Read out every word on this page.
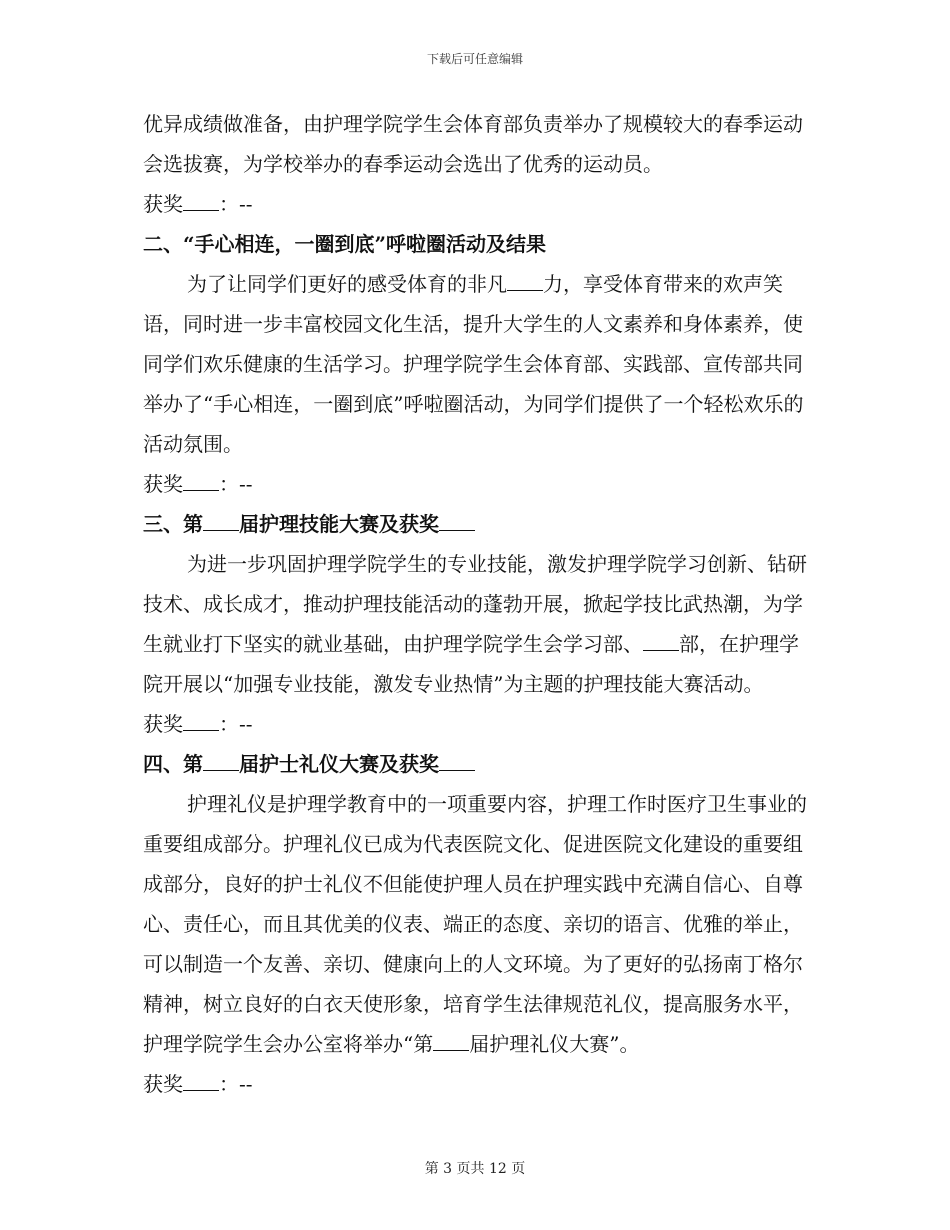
下载后可任意编辑

优异成绩做准备，由护理学院学生会体育部负责举办了规模较大的春季运动会选拔赛，为学校举办的春季运动会选出了优秀的运动员。

获奖 ：--

二、“手心相连，一圈到底”呼啦圈活动及结果

为了让同学们更好的感受体育的非凡 力，享受体育带来的欢声笑语，同时进一步丰富校园文化生活，提升大学生的人文素养和身体素养，使同学们欢乐健康的生活学习。护理学院学生会体育部、实践部、宣传部共同举办了“手心相连，一圈到底”呼啦圈活动，为同学们提供了一个轻松欢乐的活动氛围。

获奖 ：--

三、第 届护理技能大赛及获奖

为进一步巩固护理学院学生的专业技能，激发护理学院学习创新、钻研技术、成长成才，推动护理技能活动的蓬勃开展，掀起学技比武热潮，为学生就业打下坚实的就业基础，由护理学院学生会学习部、 部，在护理学院开展以“加强专业技能，激发专业热情”为主题的护理技能大赛活动。

获奖 ：--

四、第 届护士礼仪大赛及获奖

护理礼仪是护理学教育中的一项重要内容，护理工作时医疗卫生事业的重要组成部分。护理礼仪已成为代表医院文化、促进医院文化建设的重要组成部分，良好的护士礼仪不但能使护理人员在护理实践中充满自信心、自尊心、责任心，而且其优美的仪表、端正的态度、亲切的语言、优雅的举止，可以制造一个友善、亲切、健康向上的人文环境。为了更好的弘扬南丁格尔精神，树立良好的白衣天使形象，培育学生法律规范礼仪，提高服务水平，护理学院学生会办公室将举办“第 届护理礼仪大赛”。

获奖 ：--

第 3 页共 12 页
